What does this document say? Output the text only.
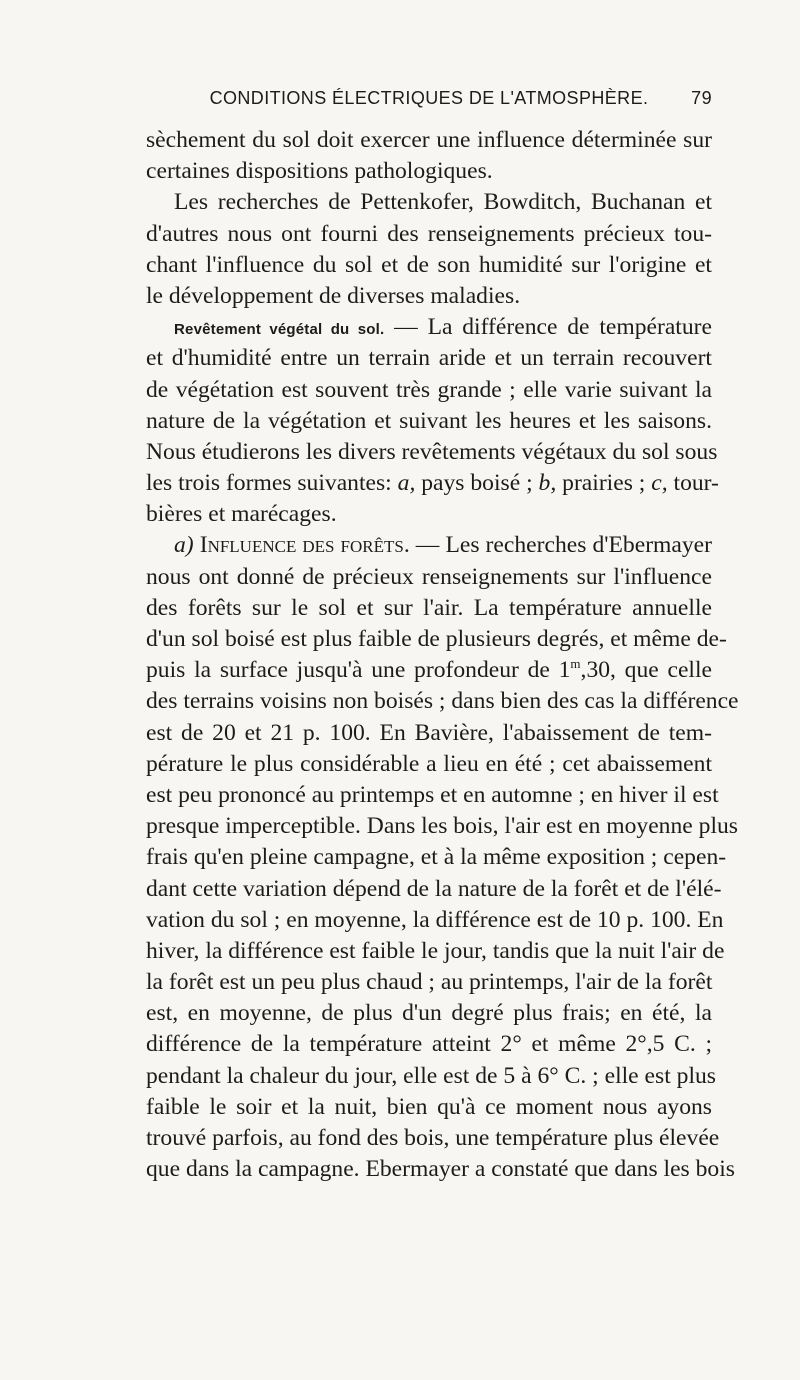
CONDITIONS ÉLECTRIQUES DE L'ATMOSPHÈRE.	79
sèchement du sol doit exercer une influence déterminée sur
certaines dispositions pathologiques.
Les recherches de Pettenkofer, Bowditch, Buchanan et
d'autres nous ont fourni des renseignements précieux tou-
chant l'influence du sol et de son humidité sur l'origine et
le développement de diverses maladies.
Revêtement végétal du sol. — La différence de température
et d'humidité entre un terrain aride et un terrain recouvert
de végétation est souvent très grande ; elle varie suivant la
nature de la végétation et suivant les heures et les saisons.
Nous étudierons les divers revêtements végétaux du sol sous
les trois formes suivantes: a, pays boisé ; b, prairies ; c, tour-
bières et marécages.
a) Influence des forêts. — Les recherches d'Ebermayer
nous ont donné de précieux renseignements sur l'influence
des forêts sur le sol et sur l'air. La température annuelle
d'un sol boisé est plus faible de plusieurs degrés, et même de-
puis la surface jusqu'à une profondeur de 1$^m$,30, que celle
des terrains voisins non boisés ; dans bien des cas la différence
est de 20 et 21 p. 100. En Bavière, l'abaissement de tem-
pérature le plus considérable a lieu en été ; cet abaissement
est peu prononcé au printemps et en automne ; en hiver il est
presque imperceptible. Dans les bois, l'air est en moyenne plus
frais qu'en pleine campagne, et à la même exposition ; cepen-
dant cette variation dépend de la nature de la forêt et de l'élé-
vation du sol ; en moyenne, la différence est de 10 p. 100. En
hiver, la différence est faible le jour, tandis que la nuit l'air de
la forêt est un peu plus chaud ; au printemps, l'air de la forêt
est, en moyenne, de plus d'un degré plus frais; en été, la
différence de la température atteint 2° et même 2°,5 C. ;
pendant la chaleur du jour, elle est de 5 à 6° C. ; elle est plus
faible le soir et la nuit, bien qu'à ce moment nous ayons
trouvé parfois, au fond des bois, une température plus élevée
que dans la campagne. Ebermayer a constaté que dans les bois
